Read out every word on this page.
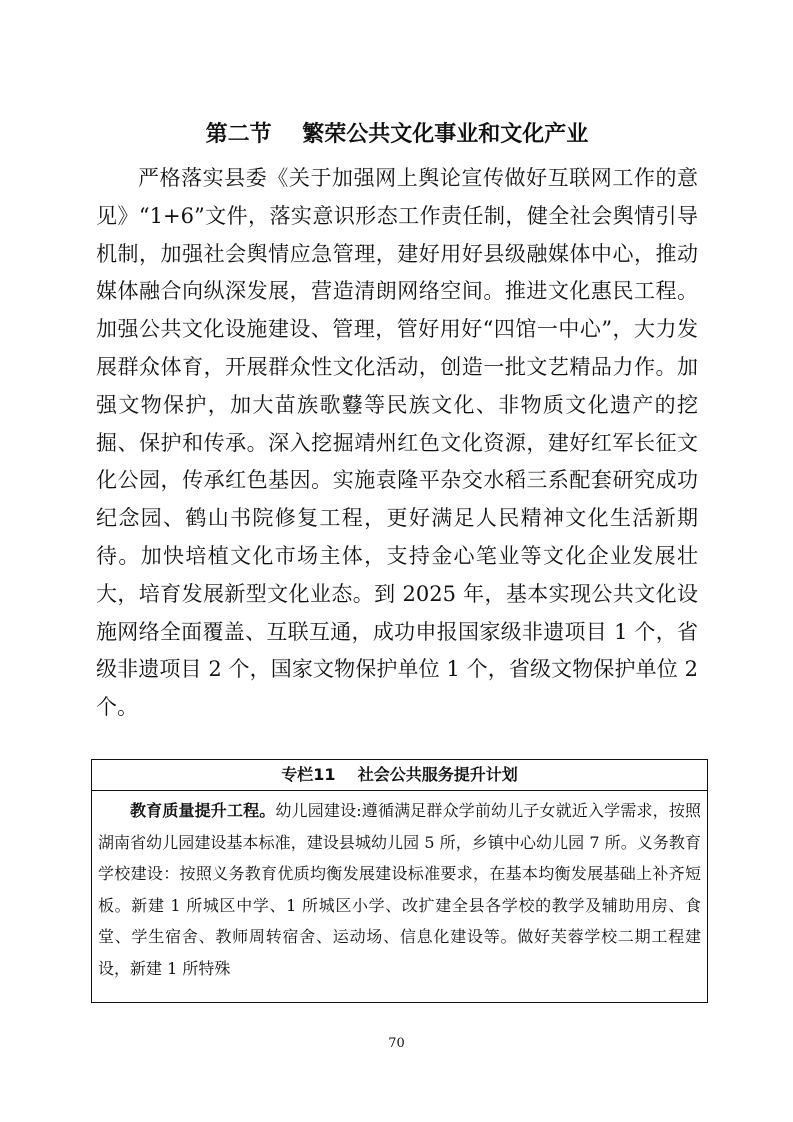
第二节    繁荣公共文化事业和文化产业

严格落实县委《关于加强网上舆论宣传做好互联网工作的意见》“1+6”文件，落实意识形态工作责任制，健全社会舆情引导机制，加强社会舆情应急管理，建好用好县级融媒体中心，推动媒体融合向纵深发展，营造清朗网络空间。推进文化惠民工程。加强公共文化设施建设、管理，管好用好“四馆一中心”，大力发展群众体育，开展群众性文化活动，创造一批文艺精品力作。加强文物保护，加大苗族歌鼟等民族文化、非物质文化遗产的挖掘、保护和传承。深入挖掘靖州红色文化资源，建好红军长征文化公园，传承红色基因。实施袁隆平杂交水稻三系配套研究成功纪念园、鹤山书院修复工程，更好满足人民精神文化生活新期待。加快培植文化市场主体，支持金心笔业等文化企业发展壮大，培育发展新型文化业态。到 2025 年，基本实现公共文化设施网络全面覆盖、互联互通，成功申报国家级非遗项目 1 个，省级非遗项目 2 个，国家文物保护单位 1 个，省级文物保护单位 2 个。

专栏11    社会公共服务提升计划

教育质量提升工程。幼儿园建设:遵循满足群众学前幼儿子女就近入学需求，按照湖南省幼儿园建设基本标准，建设县城幼儿园 5 所，乡镇中心幼儿园 7 所。义务教育学校建设：按照义务教育优质均衡发展建设标准要求，在基本均衡发展基础上补齐短板。新建 1 所城区中学、1 所城区小学、改扩建全县各学校的教学及辅助用房、食堂、学生宿舍、教师周转宿舍、运动场、信息化建设等。做好芙蓉学校二期工程建设，新建 1 所特殊

70
